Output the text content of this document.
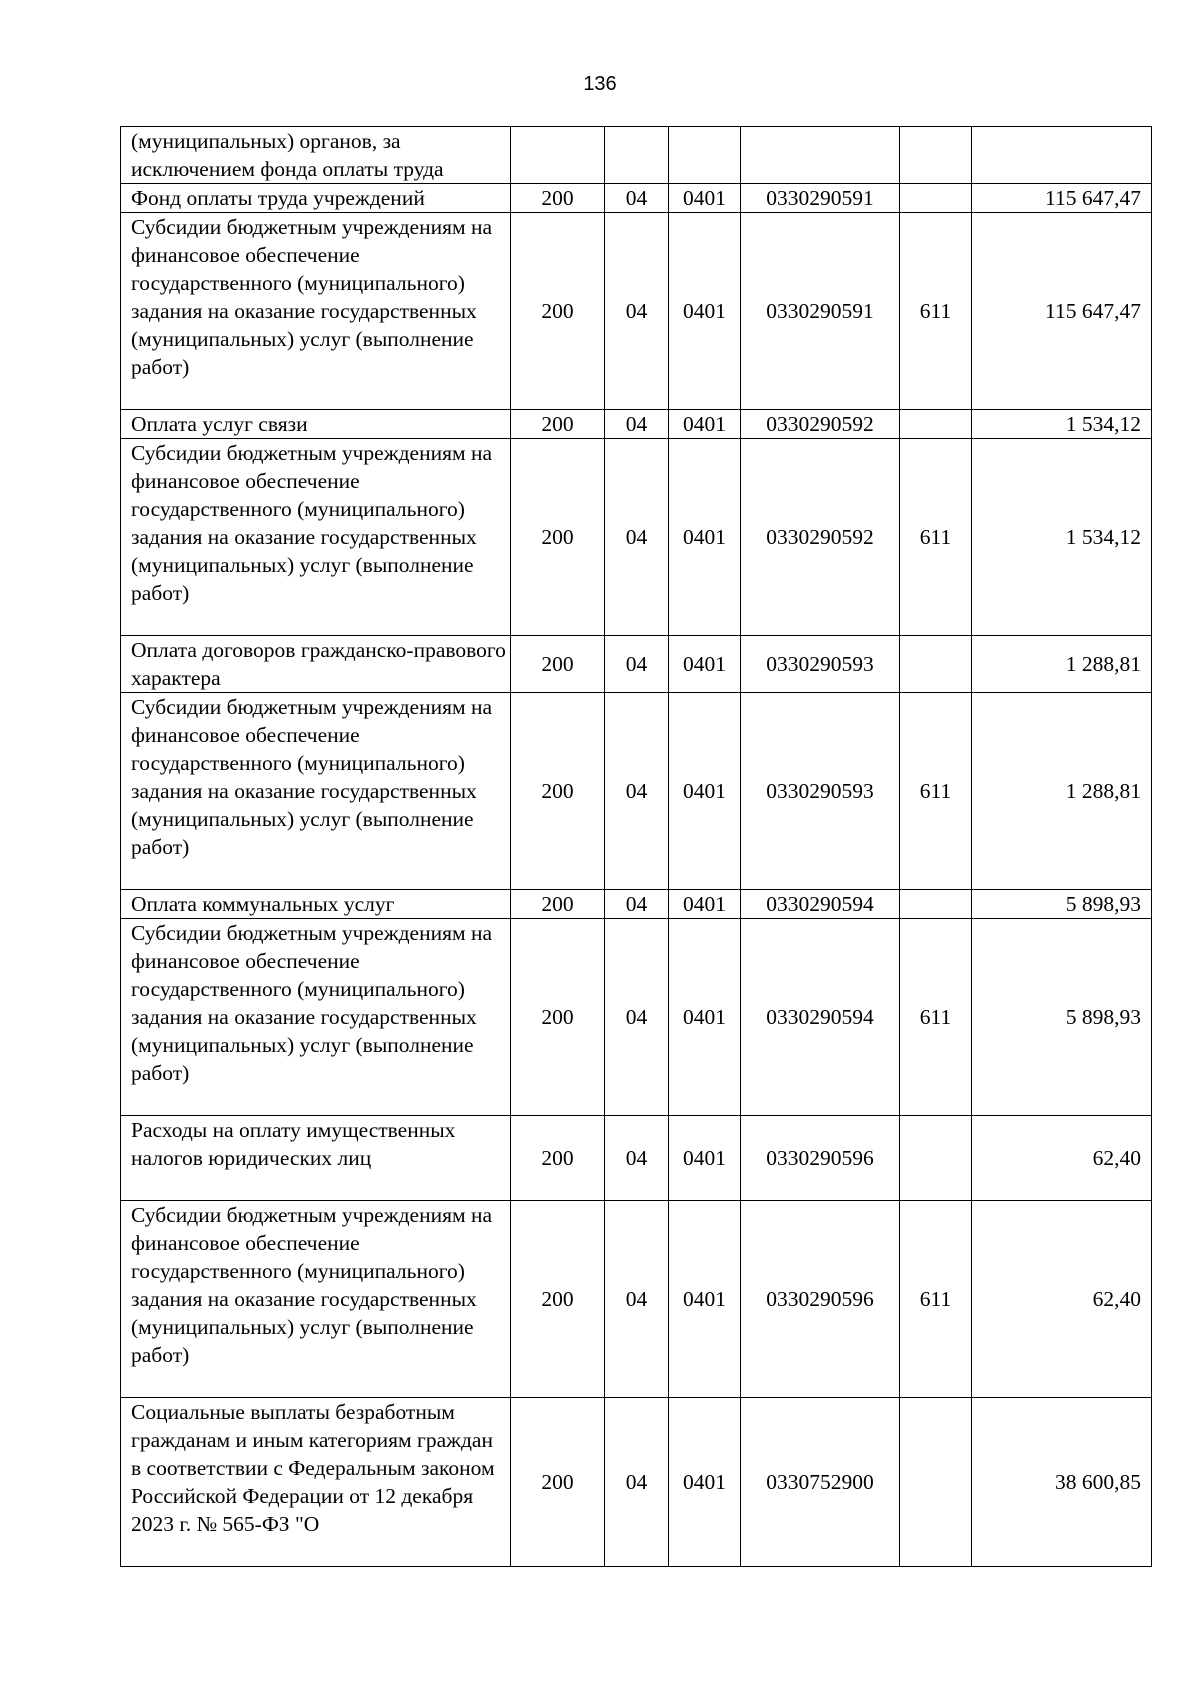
136
(муниципальных) органов, за исключением фонда оплаты труда						
Фонд оплаты труда учреждений	200	04	0401	0330290591		115 647,47
Субсидии бюджетным учреждениям на финансовое обеспечение государственного (муниципального) задания на оказание государственных (муниципальных) услуг (выполнение работ)	200	04	0401	0330290591	611	115 647,47
Оплата услуг связи	200	04	0401	0330290592		1 534,12
Субсидии бюджетным учреждениям на финансовое обеспечение государственного (муниципального) задания на оказание государственных (муниципальных) услуг (выполнение работ)	200	04	0401	0330290592	611	1 534,12
Оплата договоров гражданско-правового характера	200	04	0401	0330290593		1 288,81
Субсидии бюджетным учреждениям на финансовое обеспечение государственного (муниципального) задания на оказание государственных (муниципальных) услуг (выполнение работ)	200	04	0401	0330290593	611	1 288,81
Оплата коммунальных услуг	200	04	0401	0330290594		5 898,93
Субсидии бюджетным учреждениям на финансовое обеспечение государственного (муниципального) задания на оказание государственных (муниципальных) услуг (выполнение работ)	200	04	0401	0330290594	611	5 898,93
Расходы на оплату имущественных налогов юридических лиц	200	04	0401	0330290596		62,40
Субсидии бюджетным учреждениям на финансовое обеспечение государственного (муниципального) задания на оказание государственных (муниципальных) услуг (выполнение работ)	200	04	0401	0330290596	611	62,40
Социальные выплаты безработным гражданам и иным категориям граждан в соответствии с Федеральным законом Российской Федерации от 12 декабря 2023 г. № 565-ФЗ "О	200	04	0401	0330752900		38 600,85
